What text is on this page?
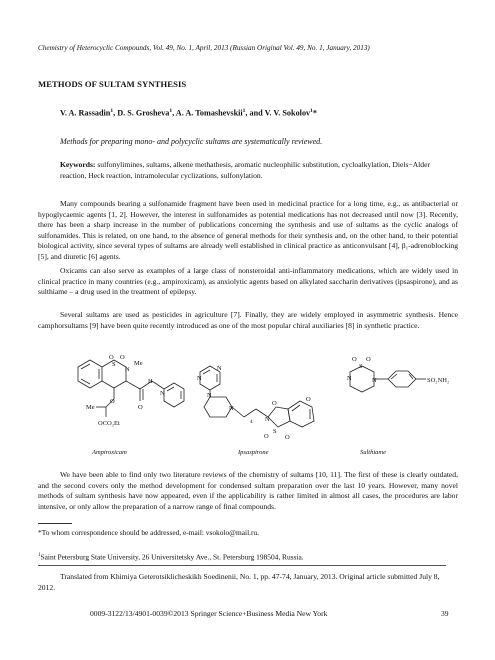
Chemistry of Heterocyclic Compounds, Vol. 49, No. 1, April, 2013 (Russian Original Vol. 49, No. 1, January, 2013)
METHODS OF SULTAM SYNTHESIS
V. A. Rassadin$^1$, D. S. Grosheva$^1$, A. A. Tomashevskii$^1$, and V. V. Sokolov$^1$*
Methods for preparing mono- and polycyclic sultams are systematically reviewed.
Keywords: sulfonylimines, sultams, alkene methathesis, aromatic nucleophilic substitution, cycloalkylation, Diels−Alder reaction, Heck reaction, intramolecular cyclizations, sulfonylation.

Many compounds bearing a sulfonamide fragment have been used in medicinal practice for a long time, e.g., as antibacterial or hypoglycaemic agents [1, 2]. However, the interest in sulfonamides as potential medications has not decreased until now [3]. Recently, there has been a sharp increase in the number of publications concerning the synthesis and use of sultams as the cyclic analogs of sulfonamides. This is related, on one hand, to the absence of general methods for their synthesis and, on the other hand, to their potential biological activity, since several types of sultams are already well established in clinical practice as anticonvulsant [4], β₁-adrenoblocking [5], and diuretic [6] agents.

Oxicams can also serve as examples of a large class of nonsteroidal anti-inflammatory medications, which are widely used in clinical practice in many countries (e.g., ampiroxicam), as anxiolytic agents based on alkylated saccharin derivatives (ipsaspirone), and as sulthiame – a drug used in the treatment of epilepsy.

Several sultams are used as pesticides in agriculture [7]. Finally, they are widely employed in asymmetric synthesis. Hence camphorsultams [9] have been quite recently introduced as one of the most popular chiral auxiliaries [8] in synthetic practice.

O
S
N
Me
O
O
N
H
Me
O
OCO₂Et
N
N
N
N
N
O
S
O
N
O O
S
O
N	SO₂NH₂
O
4
Ampiroxicam	Ipsaspirone	Sulthiame

We have been able to find only two literature reviews of the chemistry of sultams [10, 11]. The first of these is clearly outdated, and the second covers only the method development for condensed sultam preparation over the last 10 years. However, many novel methods of sultam synthesis have now appeared, even if the applicability is rather limited in almost all cases, the procedures are labor intensive, or only allow the preparation of a narrow range of final compounds.

*To whom correspondence should be addressed, e-mail: vsokolo@mail.ru.
$^1$Saint Petersburg State University, 26 Universitetsky Ave., St. Petersburg 198504, Russia.
Translated from Khimiya Geterotsiklicheskikh Soedinenii, No. 1, pp. 47-74, January, 2013. Original article submitted July 8, 2012.
0009-3122/13/4901-0039©2013 Springer Science+Business Media New York	39
